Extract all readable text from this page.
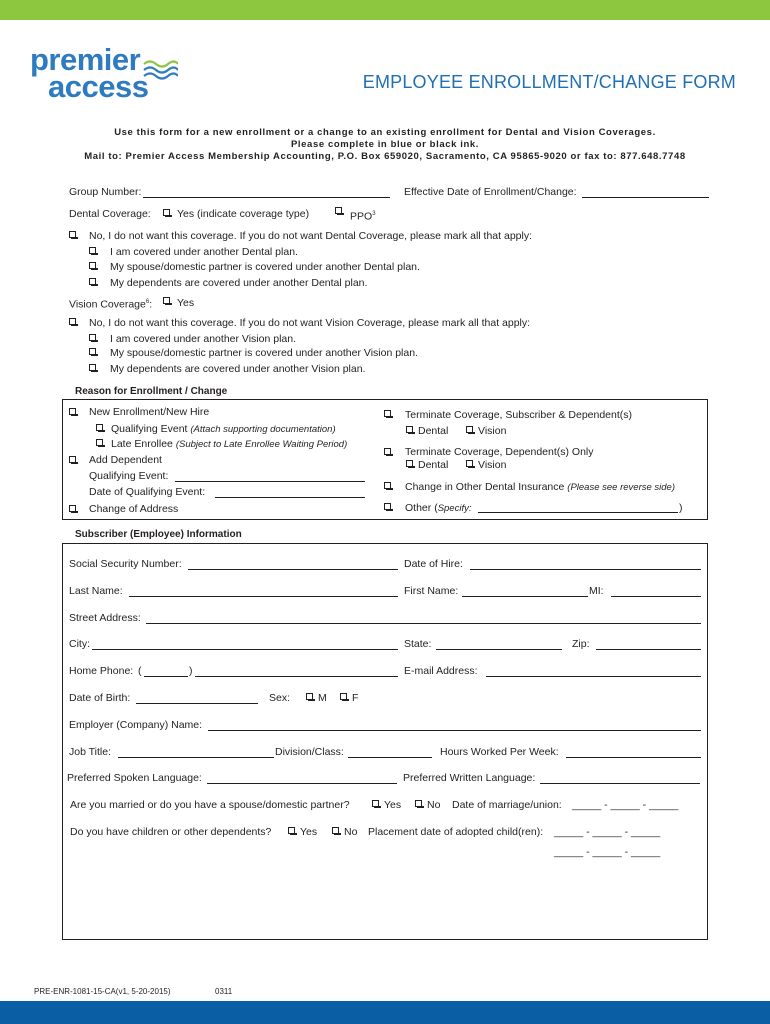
premier
access	EMPLOYEE ENROLLMENT/CHANGE FORM
Use this form for a new enrollment or a change to an existing enrollment for Dental and Vision Coverages.
Please complete in blue or black ink.
Mail to: Premier Access Membership Accounting, P.O. Box 659020, Sacramento, CA 95865-9020 or fax to: 877.648.7748
Group Number:	Effective Date of Enrollment/Change:
Dental Coverage:	Yes (indicate coverage type)	PPO$^3$
No, I do not want this coverage. If you do not want Dental Coverage, please mark all that apply:
I am covered under another Dental plan.
My spouse/domestic partner is covered under another Dental plan.
My dependents are covered under another Dental plan.
Vision Coverage$^6$: Yes
No, I do not want this coverage. If you do not want Vision Coverage, please mark all that apply:
I am covered under another Vision plan.
My spouse/domestic partner is covered under another Vision plan.
My dependents are covered under another Vision plan.
Reason for Enrollment / Change
New Enrollment/New Hire
Qualifying Event (Attach supporting documentation)
Late Enrollee (Subject to Late Enrollee Waiting Period)
Add Dependent
Qualifying Event:
Date of Qualifying Event:
Change of Address
Terminate Coverage, Subscriber & Dependent(s)
Dental	Vision
Terminate Coverage, Dependent(s) Only
Dental	Vision
Change in Other Dental Insurance (Please see reverse side)
Other (Specify:	)
Subscriber (Employee) Information
Social Security Number:	Date of Hire:
Last Name:	First Name:	MI:
Street Address:
City:	State:	Zip:
Home Phone: (	)	E-mail Address:
Date of Birth:	Sex:	M F
Employer (Company) Name:
Job Title:	Division/Class:	Hours Worked Per Week:
Preferred Spoken Language:	Preferred Written Language:
Are you married or do you have a spouse/domestic partner?	Yes No Date of marriage/union: _____ - _____ - _____
Do you have children or other dependents?	Yes	No Placement date of adopted child(ren): _____ - _____ - _____
_____ - _____ - _____
PRE-ENR-1081-15-CA(v1, 5-20-2015)	0311
